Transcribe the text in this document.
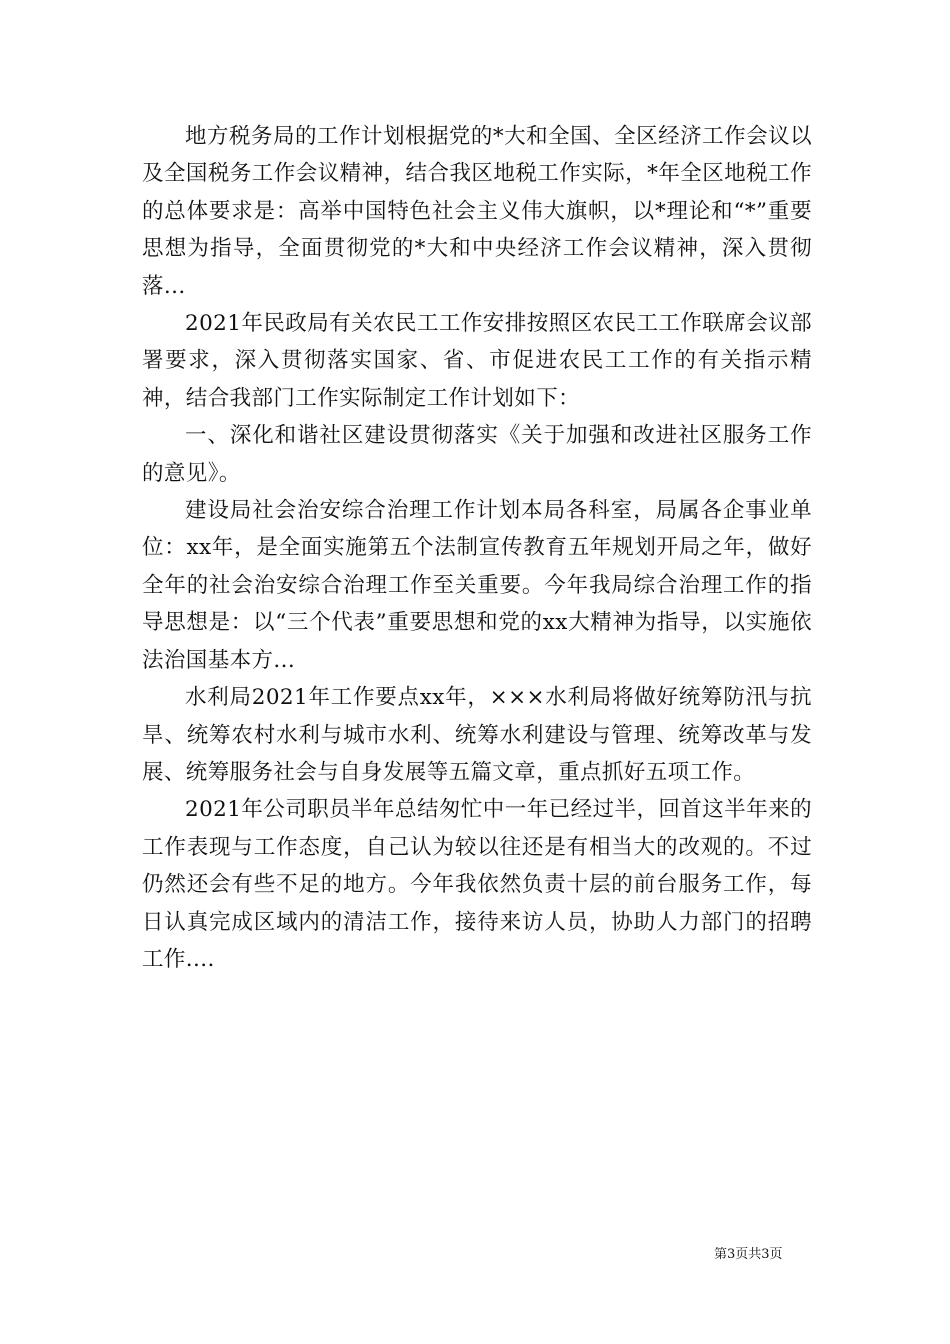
地方税务局的工作计划根据党的*大和全国、全区经济工作会议以及全国税务工作会议精神，结合我区地税工作实际，*年全区地税工作的总体要求是：高举中国特色社会主义伟大旗帜，以*理论和“*”重要思想为指导，全面贯彻党的*大和中央经济工作会议精神，深入贯彻落...

2021年民政局有关农民工工作安排按照区农民工工作联席会议部署要求，深入贯彻落实国家、省、市促进农民工工作的有关指示精神，结合我部门工作实际制定工作计划如下：

一、深化和谐社区建设贯彻落实《关于加强和改进社区服务工作的意见》。

建设局社会治安综合治理工作计划本局各科室，局属各企事业单位：xx年，是全面实施第五个法制宣传教育五年规划开局之年，做好全年的社会治安综合治理工作至关重要。今年我局综合治理工作的指导思想是：以“三个代表”重要思想和党的xx大精神为指导，以实施依法治国基本方...

水利局2021年工作要点xx年，×××水利局将做好统筹防汛与抗旱、统筹农村水利与城市水利、统筹水利建设与管理、统筹改革与发展、统筹服务社会与自身发展等五篇文章，重点抓好五项工作。

2021年公司职员半年总结匆忙中一年已经过半，回首这半年来的工作表现与工作态度，自己认为较以往还是有相当大的改观的。不过仍然还会有些不足的地方。今年我依然负责十层的前台服务工作，每日认真完成区域内的清洁工作，接待来访人员，协助人力部门的招聘工作....

第3页共3页
